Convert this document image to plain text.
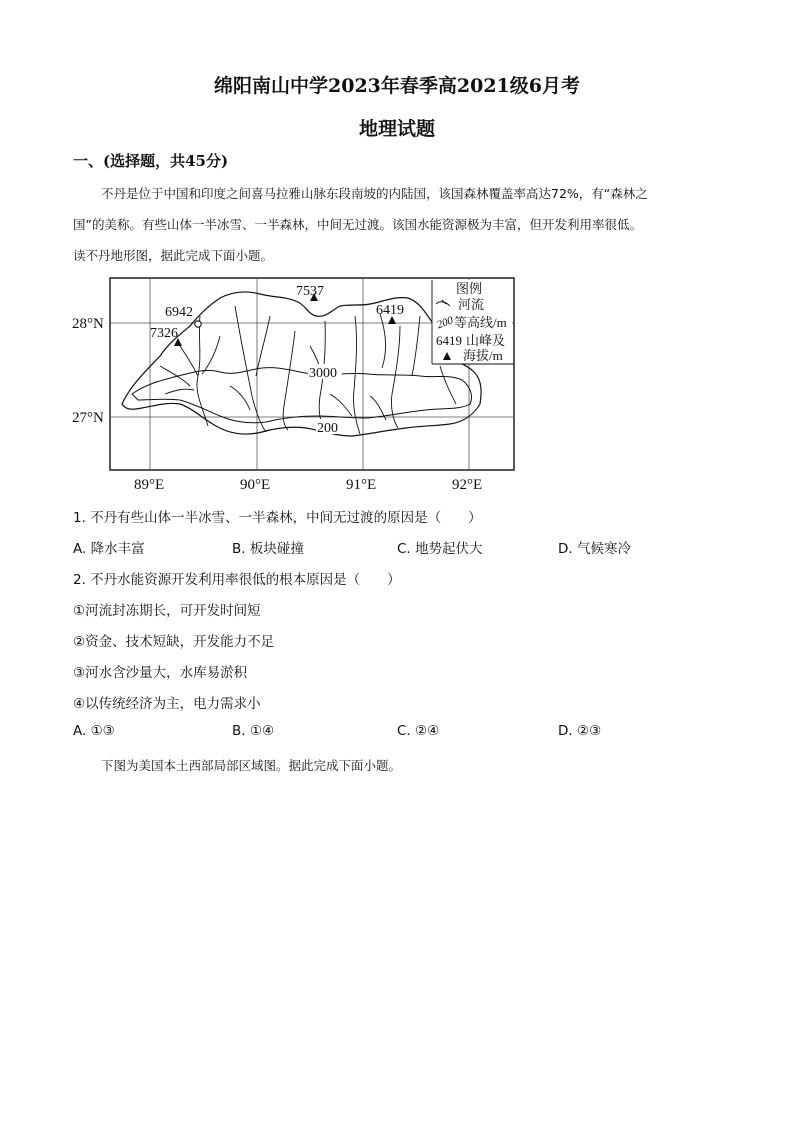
绵阳南山中学2023年春季高2021级6月考
地理试题
一、(选择题，共45分)
不丹是位于中国和印度之间喜马拉雅山脉东段南坡的内陆国，该国森林覆盖率高达72%，有“森林之
国”的美称。有些山体一半冰雪、一半森林，中间无过渡。该国水能资源极为丰富，但开发利用率很低。
读不丹地形图，据此完成下面小题。
7537
6942
7326
6419
3000
200
图例
河流
200 等高线/m
6419 山峰及
海拔/m
28°N
27°N
89°E	90°E	91°E	92°E
1. 不丹有些山体一半冰雪、一半森林，中间无过渡的原因是（　　）
A. 降水丰富	B. 板块碰撞	C. 地势起伏大	D. 气候寒冷
2. 不丹水能资源开发利用率很低的根本原因是（　　）
①河流封冻期长，可开发时间短
②资金、技术短缺，开发能力不足
③河水含沙量大，水库易淤积
④以传统经济为主，电力需求小
A. ①③	B. ①④	C. ②④	D. ②③
下图为美国本土西部局部区域图。据此完成下面小题。
